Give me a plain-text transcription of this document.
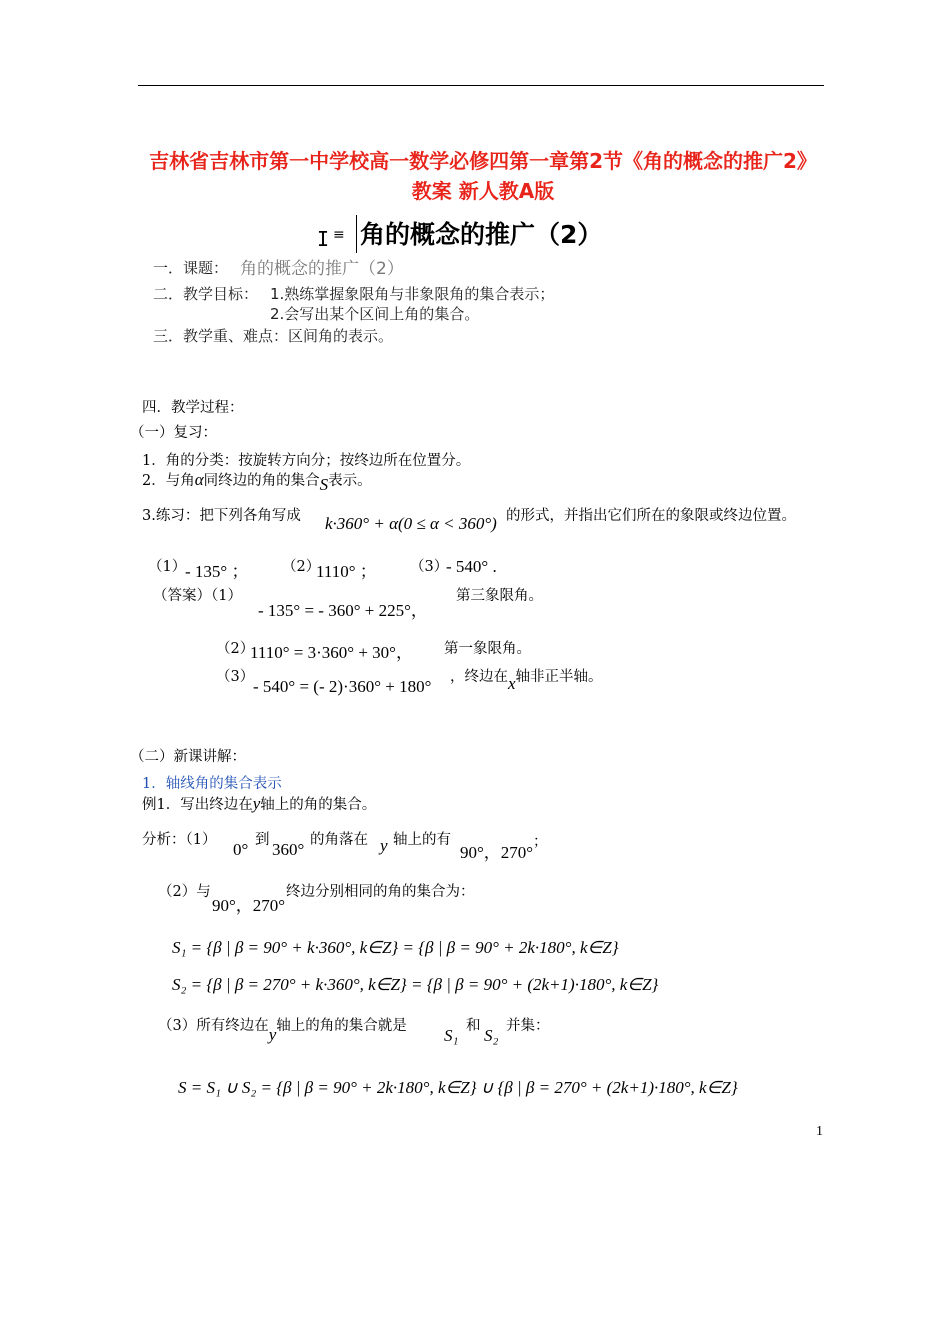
吉林省吉林市第一中学校高一数学必修四第一章第2节《角的概念的推广2》教案 新人教A版
I ≡ 角的概念的推广（2）
一．课题： 角的概念的推广（2）
二．教学目标： 1.熟练掌握象限角与非象限角的集合表示；
2.会写出某个区间上角的集合。
三．教学重、难点：区间角的表示。
四．教学过程：
（一）复习：
1．角的分类：按旋转方向分；按终边所在位置分。
2．与角α同终边的角的集合S表示。
3.练习：把下列各角写成 k·360° + α(0 ≤ α < 360°) 的形式，并指出它们所在的象限或终边位置。
（1）
- 135° ； （2）
1110° ； （3）
- 540° .
（答案）（1）
- 135° = - 360° + 225°，
第三象限角。
（2）
1110° = 3·360° + 30°， 第一象限角。
（3）
- 540° = (- 2)·360° + 180° ，终边在x轴非正半轴。
（二）新课讲解：
1．轴线角的集合表示
例1．写出终边在y轴上的角的集合。
分析：（1） 0° 到 360° 的角落在 y 轴上的有
90°，270°
；
（2）与
90°，270°
终边分别相同的角的集合为：
S₁ = {β | β = 90° + k·360°, k∈Z} = {β | β = 90° + 2k·180°, k∈Z}
S₂ = {β | β = 270° + k·360°, k∈Z} = {β | β = 90° + (2k+1)·180°, k∈Z}
（3）所有终边在y轴上的角的集合就是 S₁ 和 S₂ 并集：
S = S₁ ∪ S₂ = {β | β = 90° + 2k·180°, k∈Z} ∪ {β | β = 270° + (2k+1)·180°, k∈Z}
1
